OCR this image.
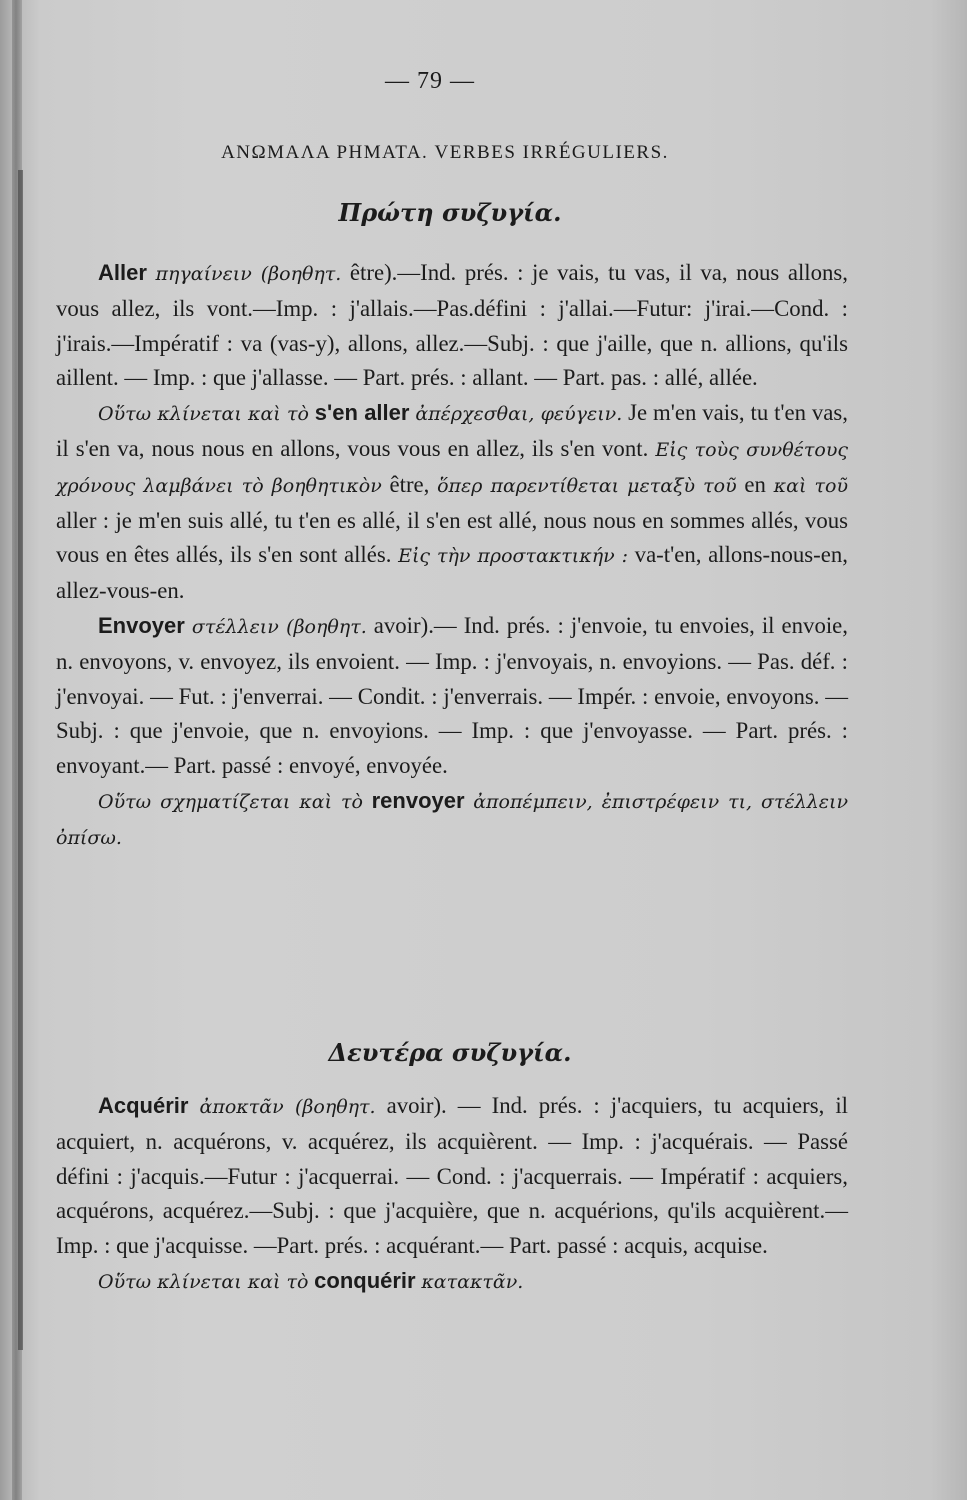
— 79 —
ΑΝΩΜΑΛΑ ΡΗΜΑΤΑ. VERBES IRRÉGULIERS.
Πρώτη συζυγία.

Aller πηγαίνειν (βοηθητ. être).—Ind. prés. : je vais, tu vas, il va, nous allons, vous allez, ils vont.—Imp. : j'allais.—Pas.défini : j'allai.—Futur: j'irai.—Cond. : j'irais.—Impératif : va (vas-y), allons, allez.—Subj. : que j'aille, que n. allions, qu'ils aillent. — Imp. : que j'allasse. — Part. prés. : allant. — Part. pas. : allé, allée.

Οὕτω κλίνεται καὶ τὸ s'en aller ἀπέρχεσθαι, φεύγειν. Je m'en vais, tu t'en vas, il s'en va, nous nous en allons, vous vous en allez, ils s'en vont. Εἰς τοὺς συνθέτους χρόνους λαμβάνει τὸ βοηθητικὸν être, ὅπερ παρεντίθεται μεταξὺ τοῦ en καὶ τοῦ aller : je m'en suis allé, tu t'en es allé, il s'en est allé, nous nous en sommes allés, vous vous en êtes allés, ils s'en sont allés. Εἰς τὴν προστακτικήν : va-t'en, allons-nous-en, allez-vous-en.

Envoyer στέλλειν (βοηθητ. avoir).— Ind. prés. : j'envoie, tu envoies, il envoie, n. envoyons, v. envoyez, ils envoient. — Imp. : j'envoyais, n. envoyions. — Pas. déf. : j'envoyai. — Fut. : j'enverrai. — Condit. : j'enverrais. — Impér. : envoie, envoyons. — Subj. : que j'envoie, que n. envoyions. — Imp. : que j'envoyasse. — Part. prés. : envoyant.— Part. passé : envoyé, envoyée.

Οὕτω σχηματίζεται καὶ τὸ renvoyer ἀποπέμπειν, ἐπιστρέφειν τι, στέλλειν ὀπίσω.

Δευτέρα συζυγία.

Acquérir ἀποκτᾶν (βοηθητ. avoir). — Ind. prés. : j'acquiers, tu acquiers, il acquiert, n. acquérons, v. acquérez, ils acquièrent. — Imp. : j'acquérais. — Passé défini : j'acquis.—Futur : j'acquerrai. — Cond. : j'acquerrais. — Impératif : acquiers, acquérons, acquérez.—Subj. : que j'acquière, que n. acquérions, qu'ils acquièrent.—Imp. : que j'acquisse. —Part. prés. : acquérant.— Part. passé : acquis, acquise.

Οὕτω κλίνεται καὶ τὸ conquérir κατακτᾶν.
